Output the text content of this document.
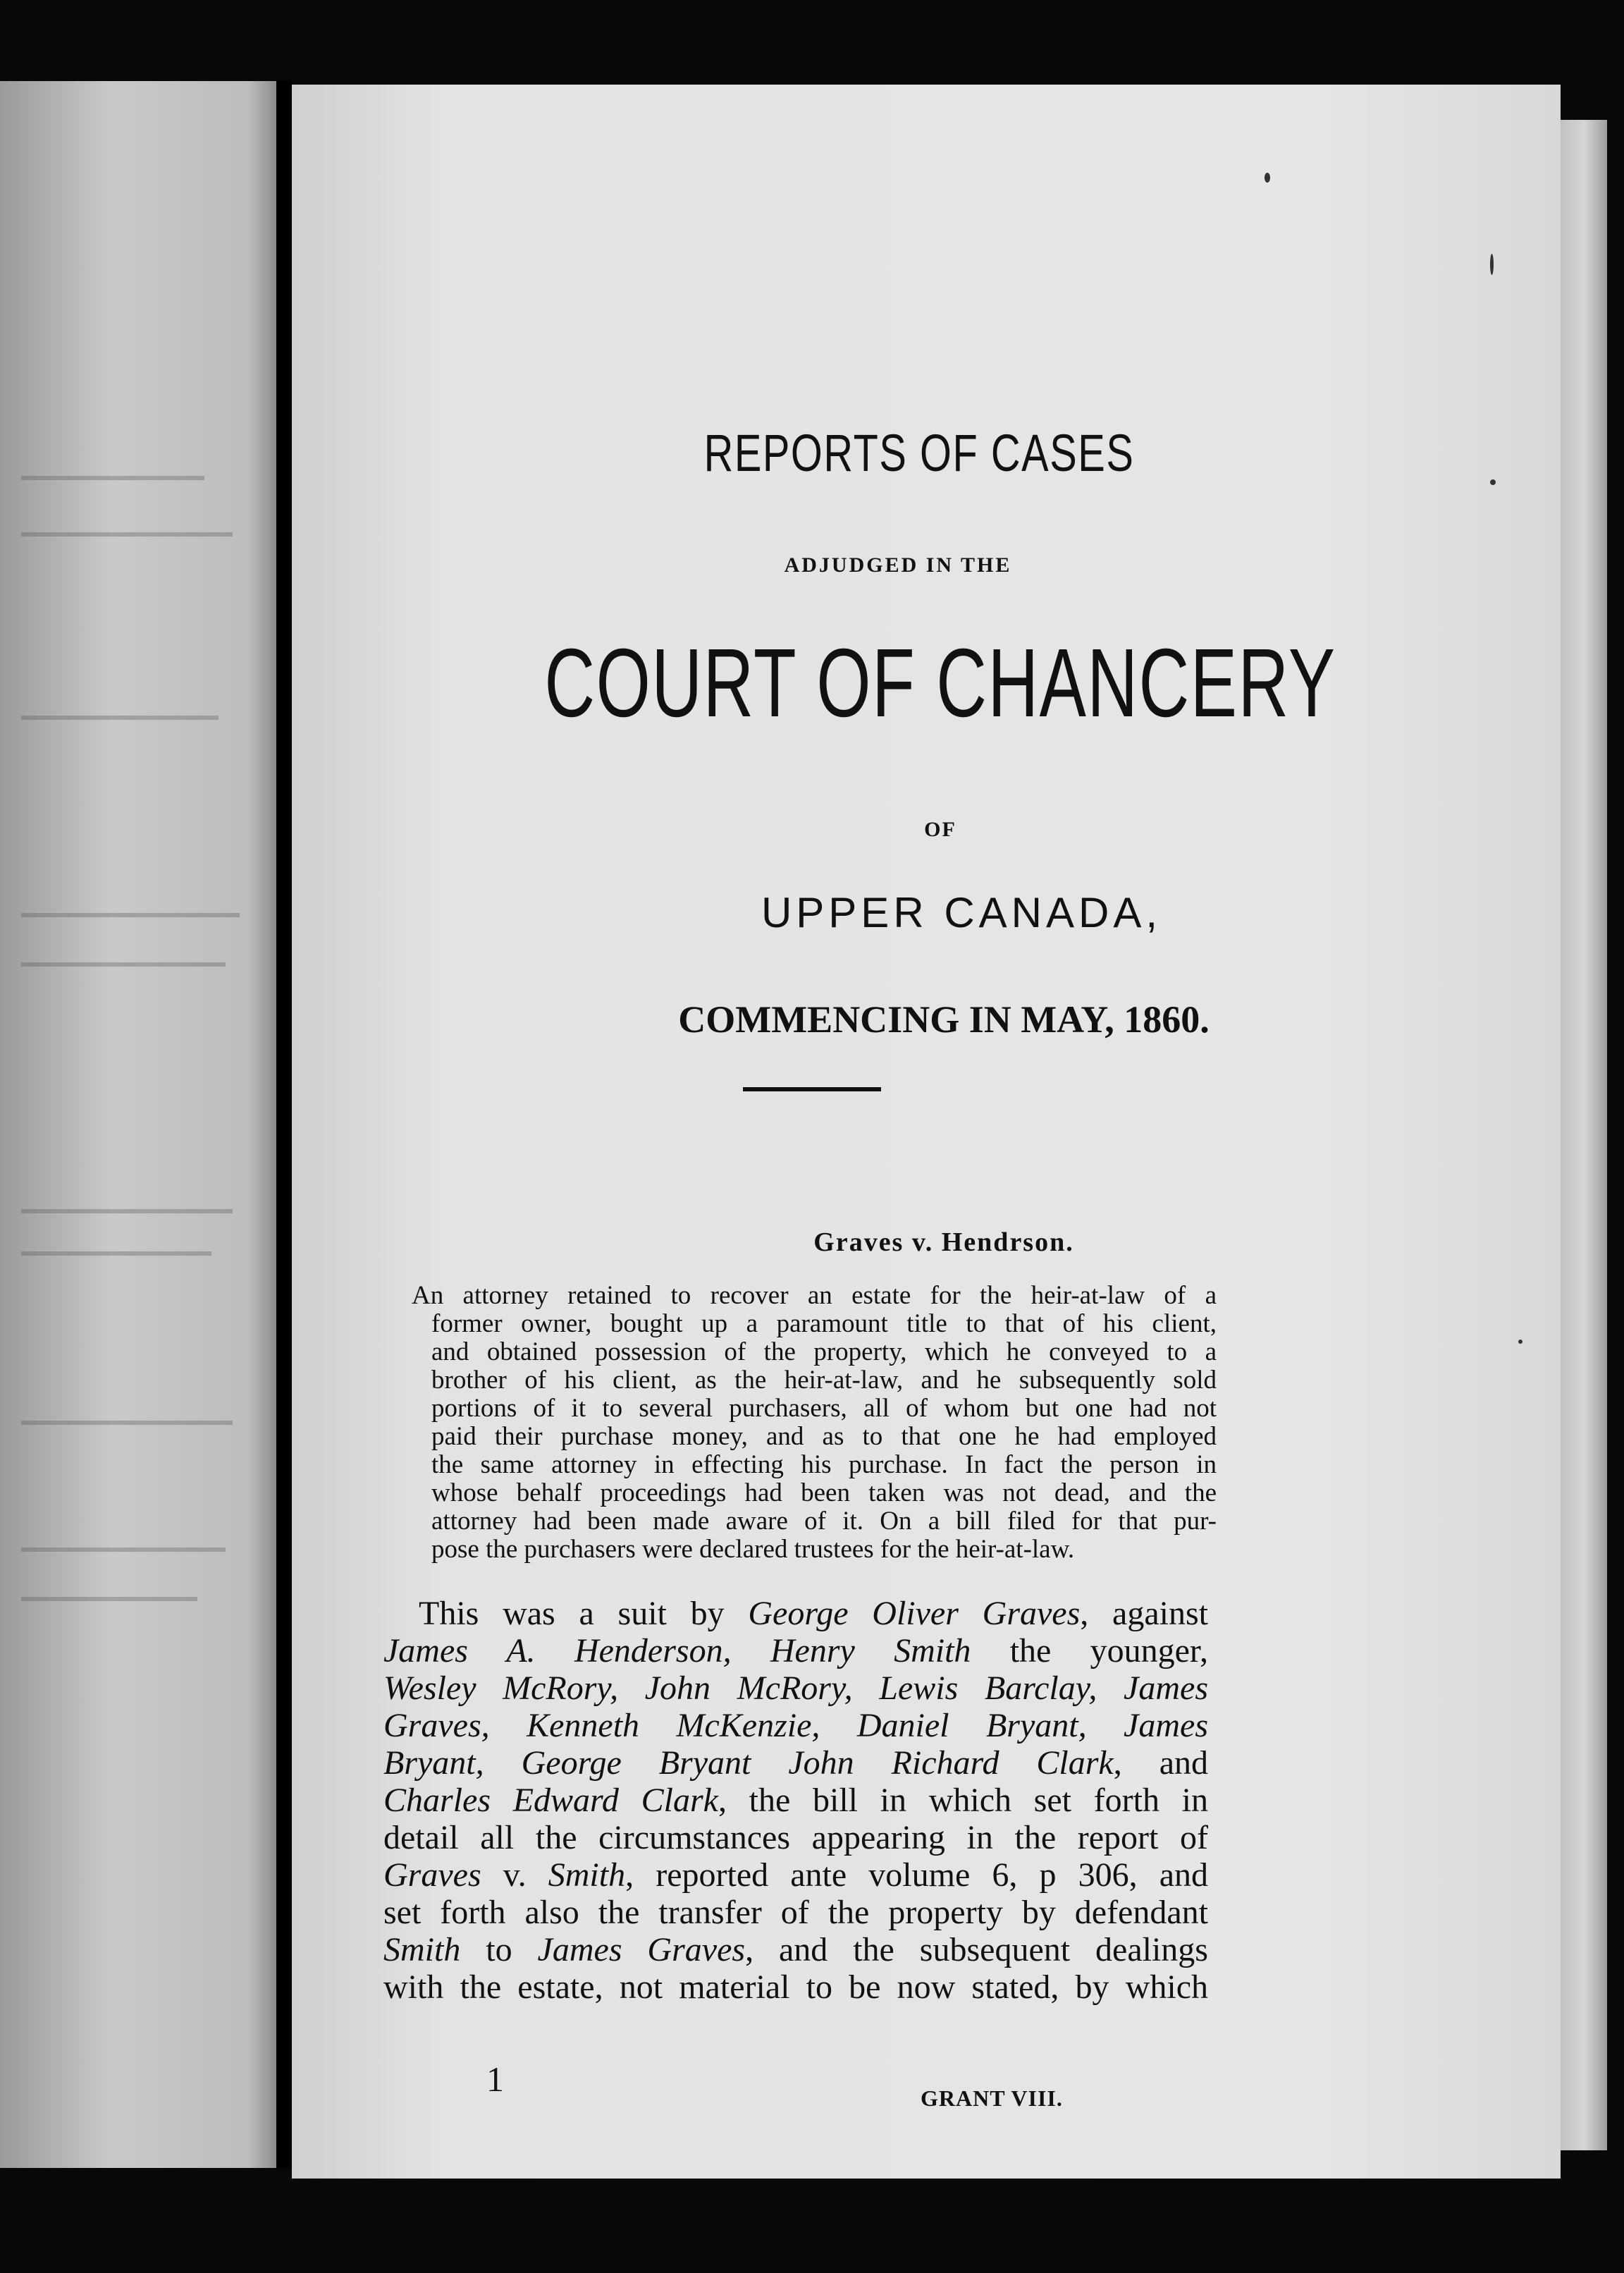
REPORTS OF CASES
ADJUDGED IN THE
COURT OF CHANCERY
OF
UPPER CANADA,
COMMENCING IN MAY, 1860.
Graves v. Hendrson.
An attorney retained to recover an estate for the heir-at-law of a
former owner, bought up a paramount title to that of his client,
and obtained possession of the property, which he conveyed to a
brother of his client, as the heir-at-law, and he subsequently sold
portions of it to several purchasers, all of whom but one had not
paid their purchase money, and as to that one he had employed
the same attorney in effecting his purchase. In fact the person in
whose behalf proceedings had been taken was not dead, and the
attorney had been made aware of it. On a bill filed for that pur-
pose the purchasers were declared trustees for the heir-at-law.
This was a suit by George Oliver Graves, against
James A. Henderson, Henry Smith the younger,
Wesley McRory, John McRory, Lewis Barclay, James
Graves, Kenneth McKenzie, Daniel Bryant, James
Bryant, George Bryant John Richard Clark, and
Charles Edward Clark, the bill in which set forth in
detail all the circumstances appearing in the report of
Graves v. Smith, reported ante volume 6, p 306, and
set forth also the transfer of the property by defendant
Smith to James Graves, and the subsequent dealings
with the estate, not material to be now stated, by which
1	GRANT VIII.
